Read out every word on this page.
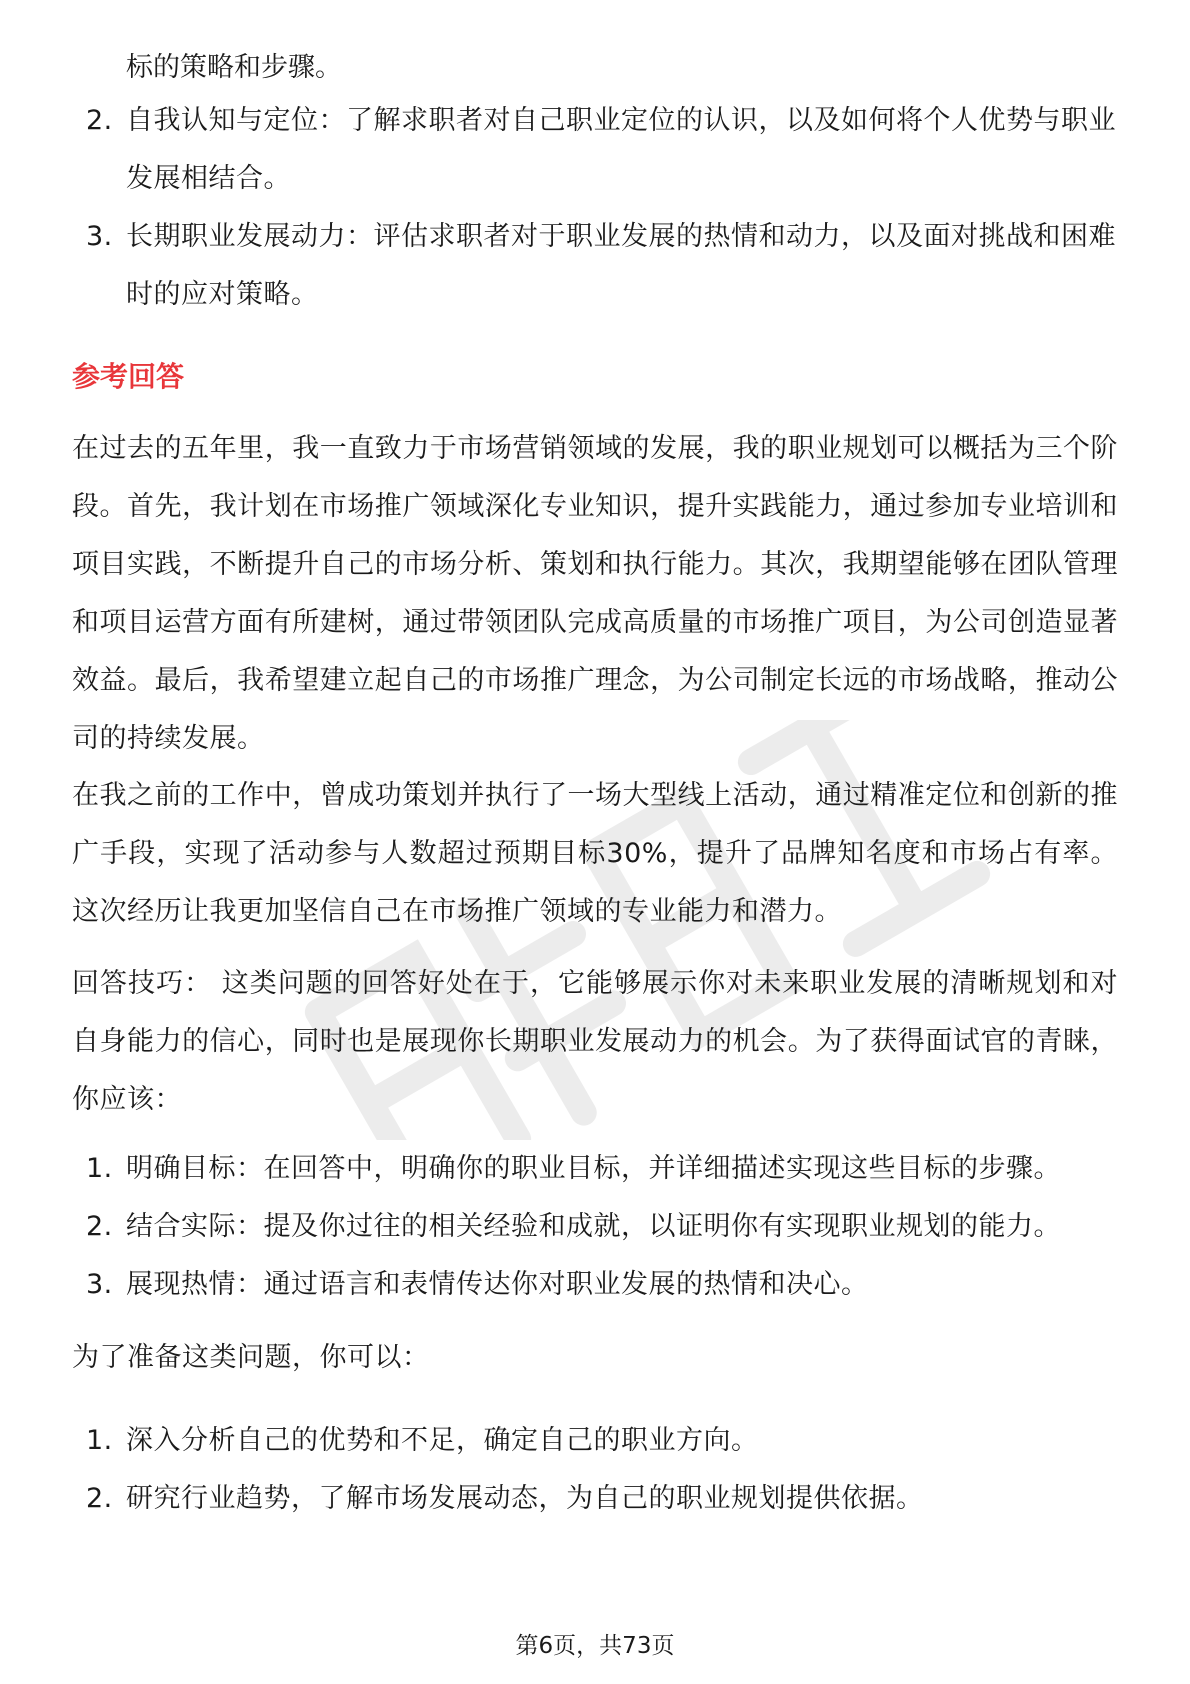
标的策略和步骤。

2. 自我认知与定位：了解求职者对自己职业定位的认识，以及如何将个人优势与职业发展相结合。
3. 长期职业发展动力：评估求职者对于职业发展的热情和动力，以及面对挑战和困难时的应对策略。
参考回答

在过去的五年里，我一直致力于市场营销领域的发展，我的职业规划可以概括为三个阶段。首先，我计划在市场推广领域深化专业知识，提升实践能力，通过参加专业培训和项目实践，不断提升自己的市场分析、策划和执行能力。其次，我期望能够在团队管理和项目运营方面有所建树，通过带领团队完成高质量的市场推广项目，为公司创造显著效益。最后，我希望建立起自己的市场推广理念，为公司制定长远的市场战略，推动公司的持续发展。

在我之前的工作中，曾成功策划并执行了一场大型线上活动，通过精准定位和创新的推广手段，实现了活动参与人数超过预期目标30%，提升了品牌知名度和市场占有率。这次经历让我更加坚信自己在市场推广领域的专业能力和潜力。

回答技巧： 这类问题的回答好处在于，它能够展示你对未来职业发展的清晰规划和对自身能力的信心，同时也是展现你长期职业发展动力的机会。为了获得面试官的青睐，你应该：

1. 明确目标：在回答中，明确你的职业目标，并详细描述实现这些目标的步骤。
2. 结合实际：提及你过往的相关经验和成就，以证明你有实现职业规划的能力。
3. 展现热情：通过语言和表情传达你对职业发展的热情和决心。

为了准备这类问题，你可以：

1. 深入分析自己的优势和不足，确定自己的职业方向。
2. 研究行业趋势，了解市场发展动态，为自己的职业规划提供依据。
第6页，共73页
